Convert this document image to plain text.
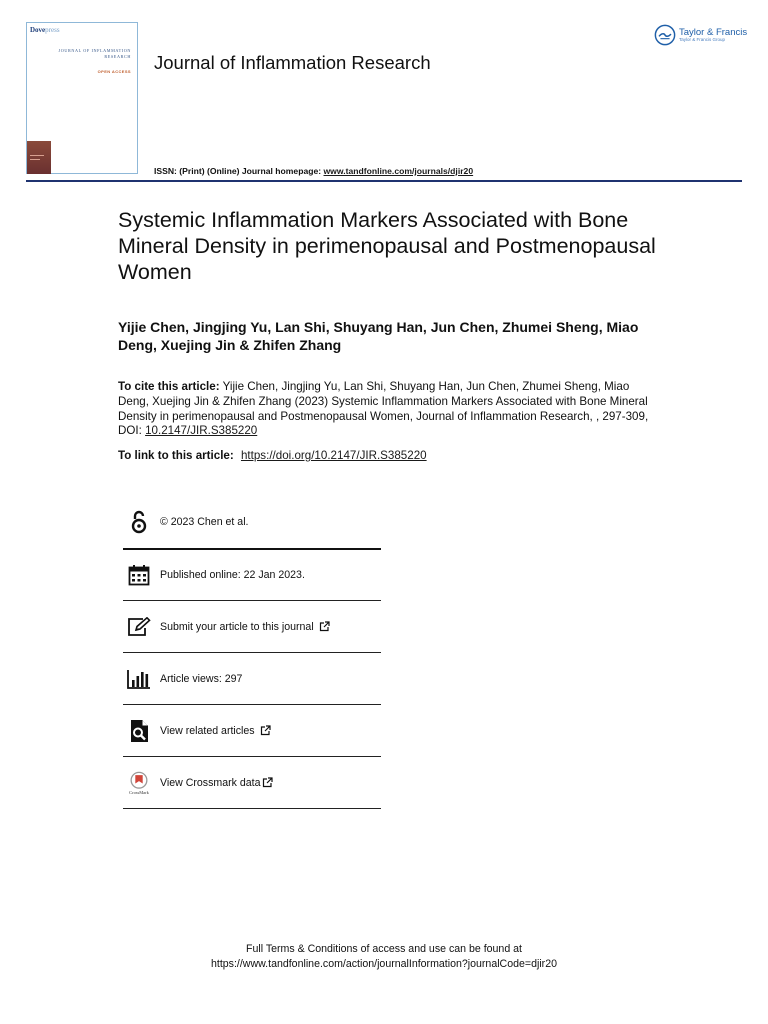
Dovepress
JOURNAL OF INFLAMMATION RESEARCH
OPEN ACCESS Journal of Inflammation Research
ISSN: (Print) (Online) Journal homepage: www.tandfonline.com/journals/djir20
Taylor & Francis
Taylor & Francis Group
Systemic Inflammation Markers Associated with Bone Mineral Density in perimenopausal and Postmenopausal Women
Yijie Chen, Jingjing Yu, Lan Shi, Shuyang Han, Jun Chen, Zhumei Sheng, Miao Deng, Xuejing Jin & Zhifen Zhang
To cite this article: Yijie Chen, Jingjing Yu, Lan Shi, Shuyang Han, Jun Chen, Zhumei Sheng, Miao Deng, Xuejing Jin & Zhifen Zhang (2023) Systemic Inflammation Markers Associated with Bone Mineral Density in perimenopausal and Postmenopausal Women, Journal of Inflammation Research, , 297-309, DOI: 10.2147/JIR.S385220
To link to this article: https://doi.org/10.2147/JIR.S385220
© 2023 Chen et al.
Published online: 22 Jan 2023.
Submit your article to this journal
Article views: 297
View related articles
CrossMark
View Crossmark data
Full Terms & Conditions of access and use can be found at
https://www.tandfonline.com/action/journalInformation?journalCode=djir20
